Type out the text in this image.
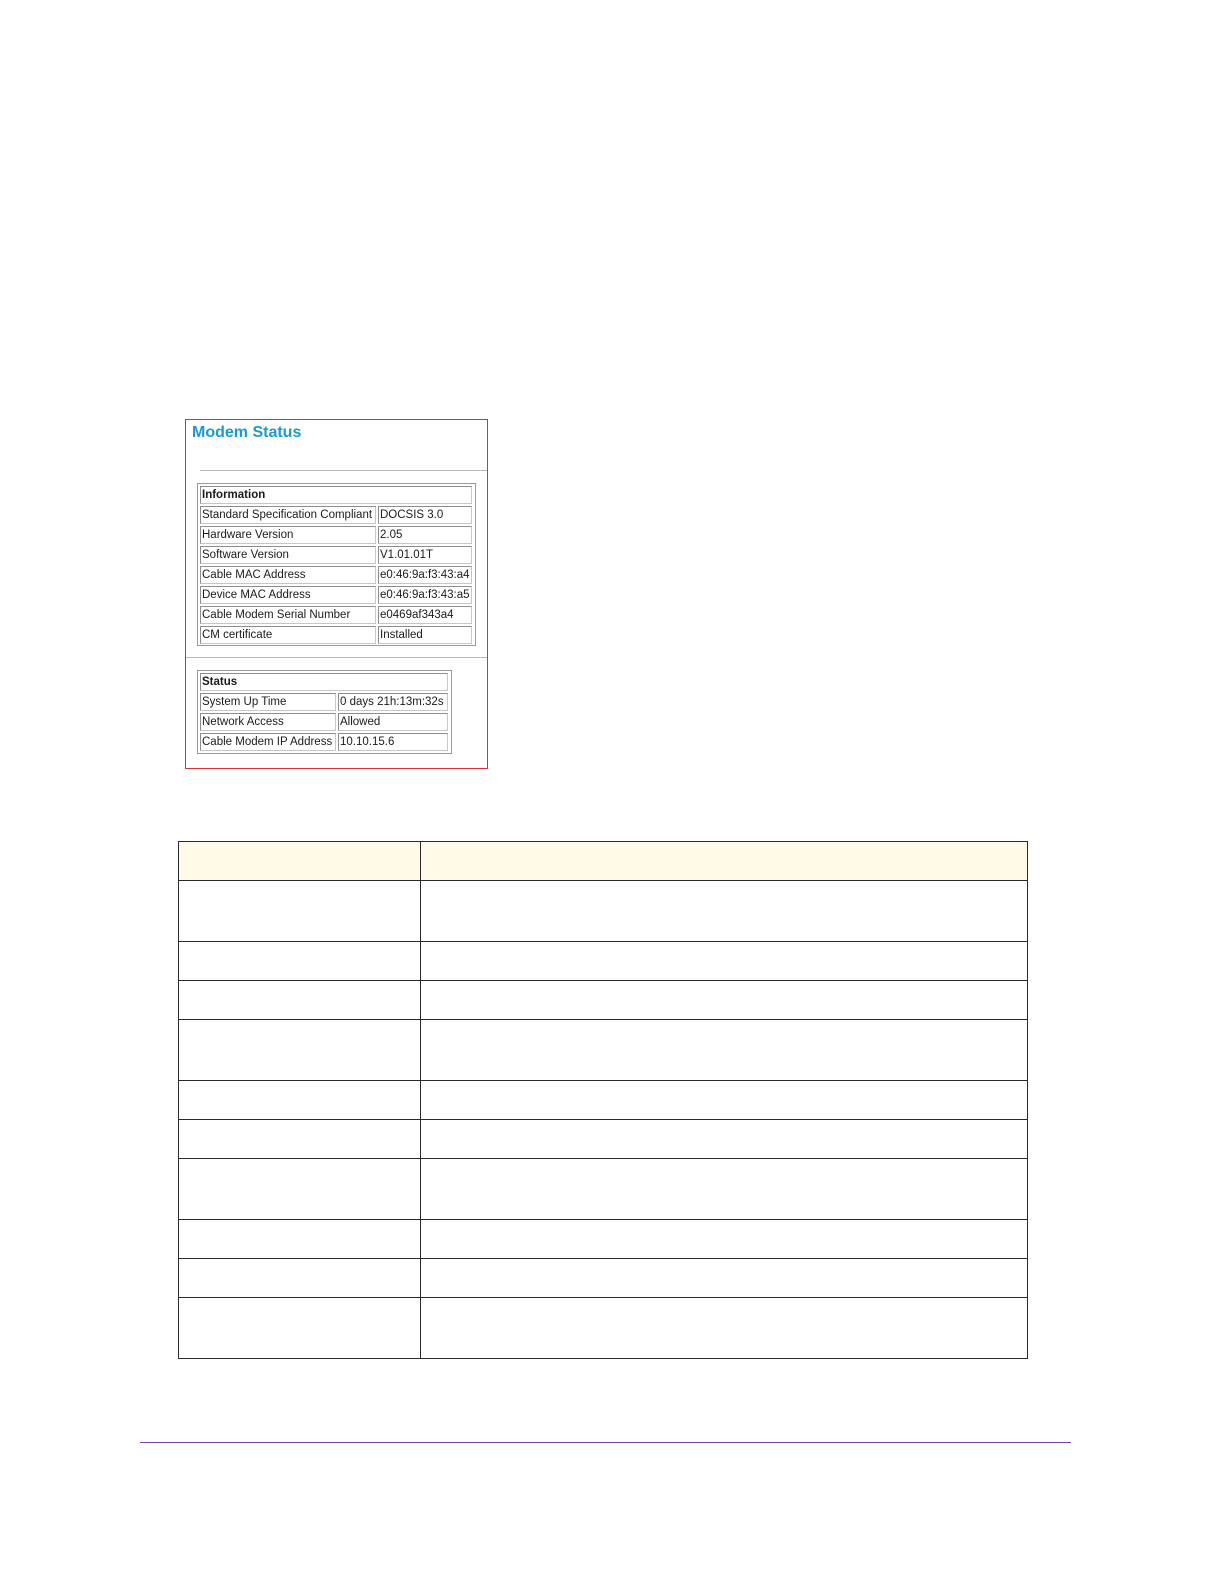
Modem Status
Information	
Standard Specification Compliant	DOCSIS 3.0
Hardware Version	2.05
Software Version	V1.01.01T
Cable MAC Address	e0:46:9a:f3:43:a4
Device MAC Address	e0:46:9a:f3:43:a5
Cable Modem Serial Number	e0469af343a4
CM certificate	Installed
Status	
System Up Time	0 days 21h:13m:32s
Network Access	Allowed
Cable Modem IP Address	10.10.15.6
